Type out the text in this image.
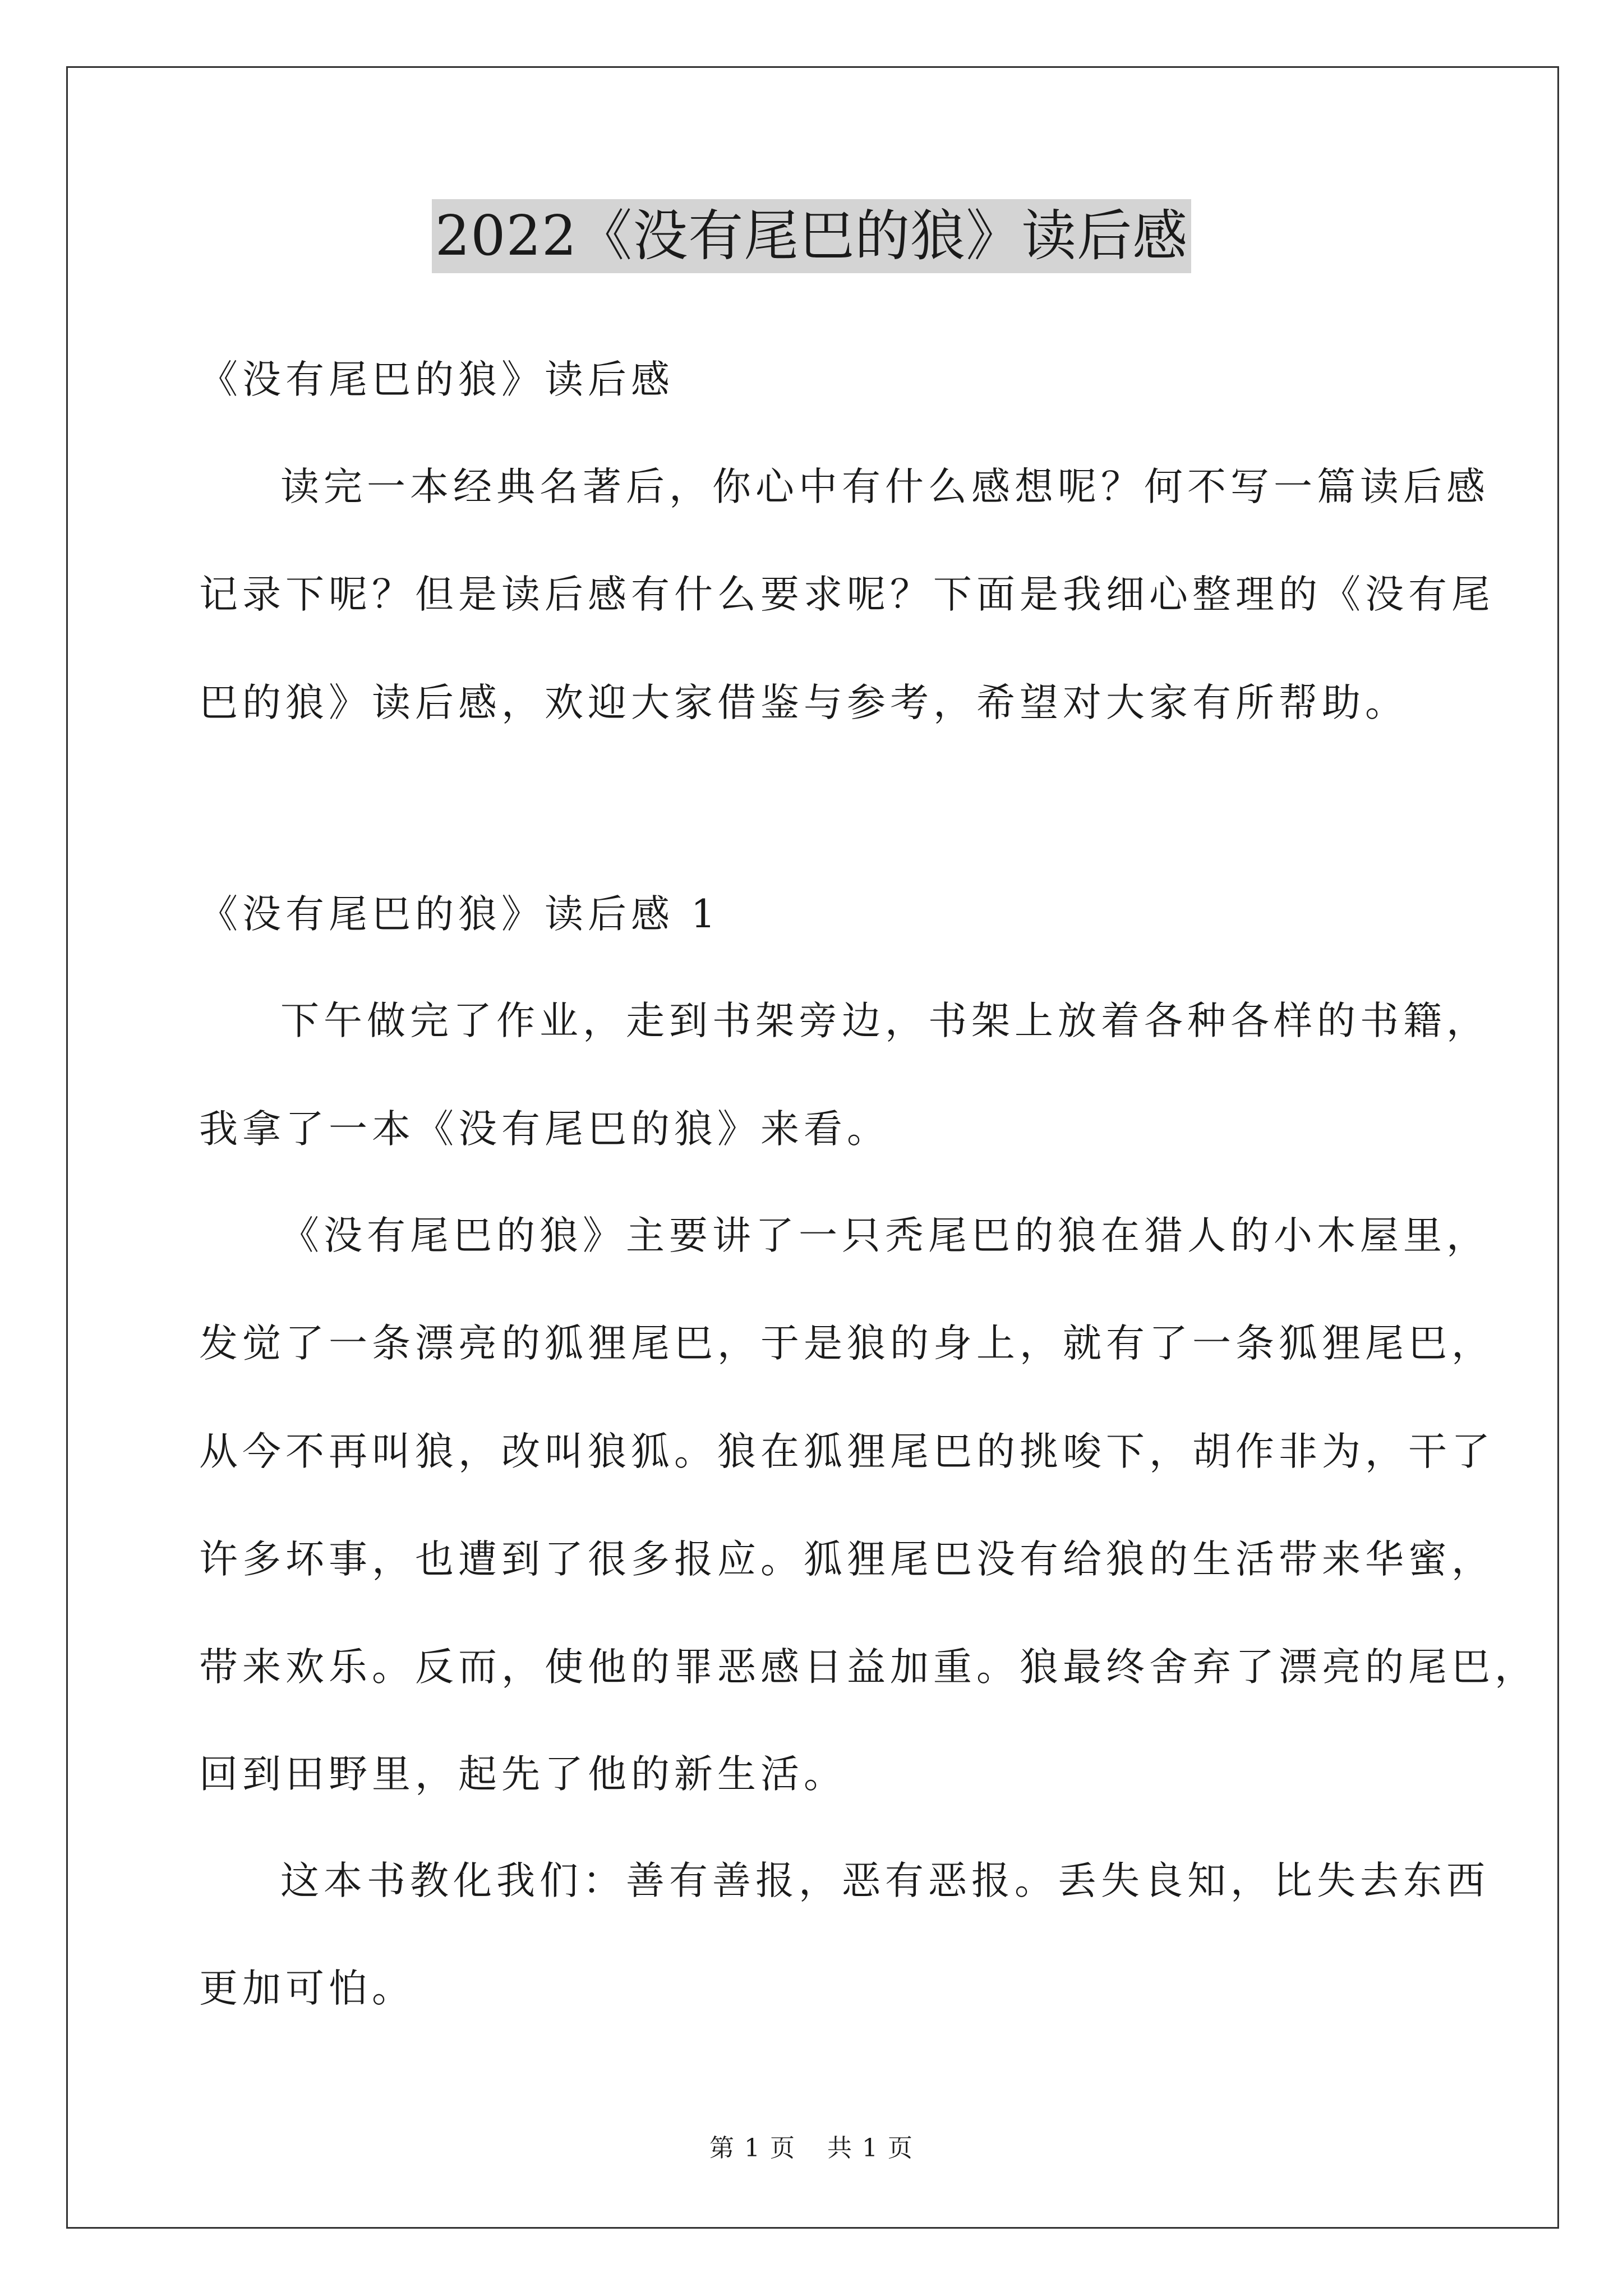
2022《没有尾巴的狼》读后感
《没有尾巴的狼》读后感
读完一本经典名著后，你心中有什么感想呢？何不写一篇读后感
记录下呢？但是读后感有什么要求呢？下面是我细心整理的《没有尾
巴的狼》读后感，欢迎大家借鉴与参考，希望对大家有所帮助。
《没有尾巴的狼》读后感 1
下午做完了作业，走到书架旁边，书架上放着各种各样的书籍，
我拿了一本《没有尾巴的狼》来看。
《没有尾巴的狼》主要讲了一只秃尾巴的狼在猎人的小木屋里，
发觉了一条漂亮的狐狸尾巴，于是狼的身上，就有了一条狐狸尾巴，
从今不再叫狼，改叫狼狐。狼在狐狸尾巴的挑唆下，胡作非为，干了
许多坏事，也遭到了很多报应。狐狸尾巴没有给狼的生活带来华蜜，
带来欢乐。反而，使他的罪恶感日益加重。狼最终舍弃了漂亮的尾巴，
回到田野里，起先了他的新生活。
这本书教化我们：善有善报，恶有恶报。丢失良知，比失去东西
更加可怕。
第 1 页 共 1 页
